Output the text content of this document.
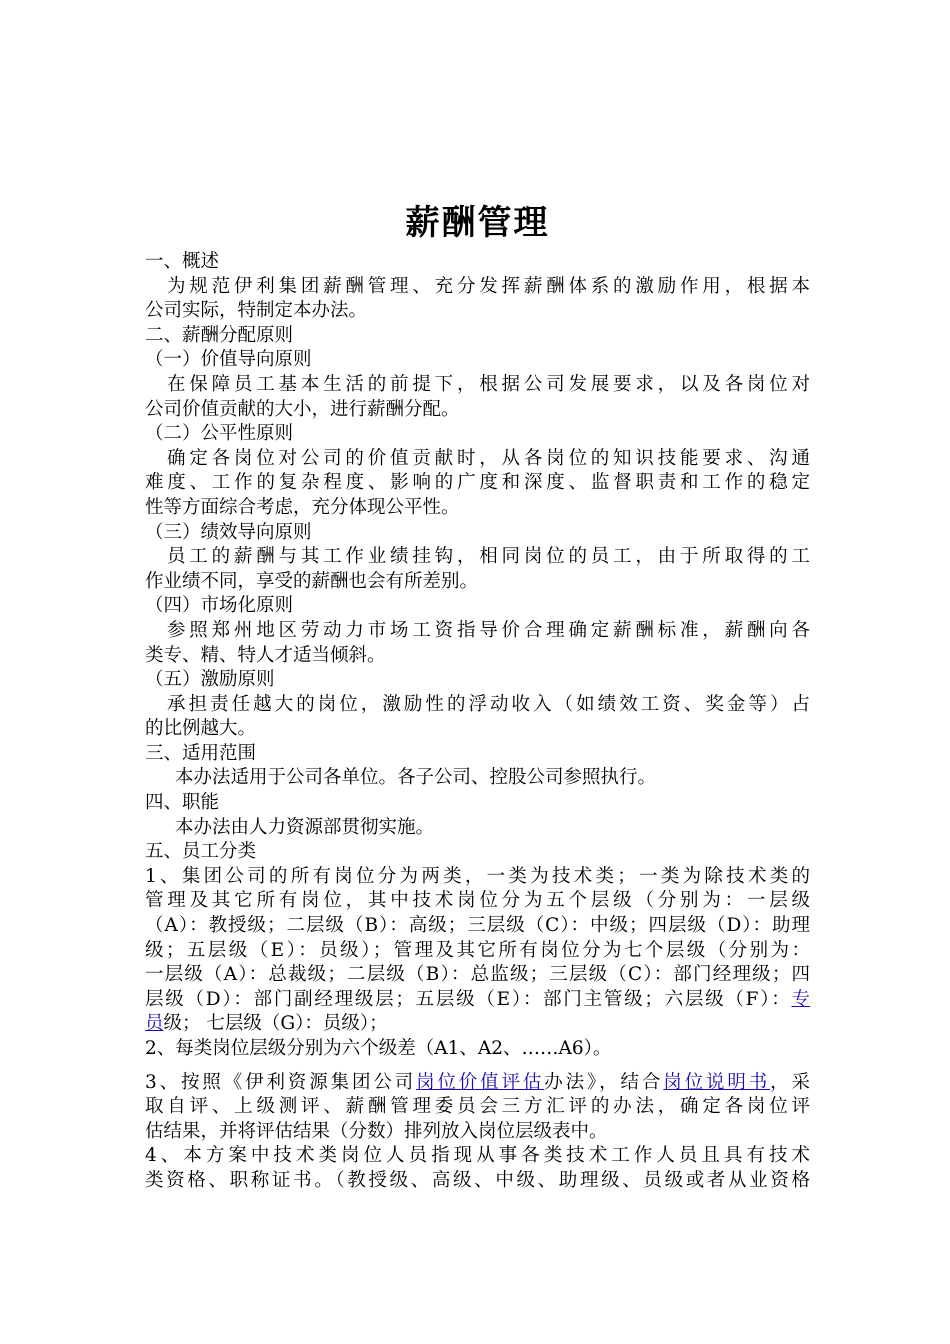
薪酬管理

一、概述

为规范伊利集团薪酬管理、充分发挥薪酬体系的激励作用，根据本

公司实际，特制定本办法。

二、薪酬分配原则

（一）价值导向原则

在保障员工基本生活的前提下，根据公司发展要求，以及各岗位对

公司价值贡献的大小，进行薪酬分配。

（二）公平性原则

确定各岗位对公司的价值贡献时，从各岗位的知识技能要求、沟通

难度、工作的复杂程度、影响的广度和深度、监督职责和工作的稳定

性等方面综合考虑，充分体现公平性。

（三）绩效导向原则

员工的薪酬与其工作业绩挂钩，相同岗位的员工，由于所取得的工

作业绩不同，享受的薪酬也会有所差别。

（四）市场化原则

参照郑州地区劳动力市场工资指导价合理确定薪酬标准，薪酬向各

类专、精、特人才适当倾斜。

（五）激励原则

承担责任越大的岗位，激励性的浮动收入（如绩效工资、奖金等）占

的比例越大。

三、适用范围

本办法适用于公司各单位。各子公司、控股公司参照执行。

四、职能

本办法由人力资源部贯彻实施。

五、员工分类

1、集团公司的所有岗位分为两类，一类为技术类；一类为除技术类的

管理及其它所有岗位，其中技术岗位分为五个层级（分别为：一层级

（A）：教授级；二层级（B）：高级；三层级（C）：中级；四层级（D）：助理

级；五层级（E）：员级）；管理及其它所有岗位分为七个层级（分别为：

一层级（A）：总裁级；二层级（B）：总监级；三层级（C）：部门经理级；四

层级（D）：部门副经理级层；五层级（E）：部门主管级；六层级（F）：专

员级； 七层级（G）：员级）；

2、每类岗位层级分别为六个级差（A1、A2、……A6）。

3、按照《伊利资源集团公司岗位价值评估办法》，结合岗位说明书，采

取自评、上级测评、薪酬管理委员会三方汇评的办法，确定各岗位评

估结果，并将评估结果（分数）排列放入岗位层级表中。

4、本方案中技术类岗位人员指现从事各类技术工作人员且具有技术

类资格、职称证书。（教授级、高级、中级、助理级、员级或者从业资格
